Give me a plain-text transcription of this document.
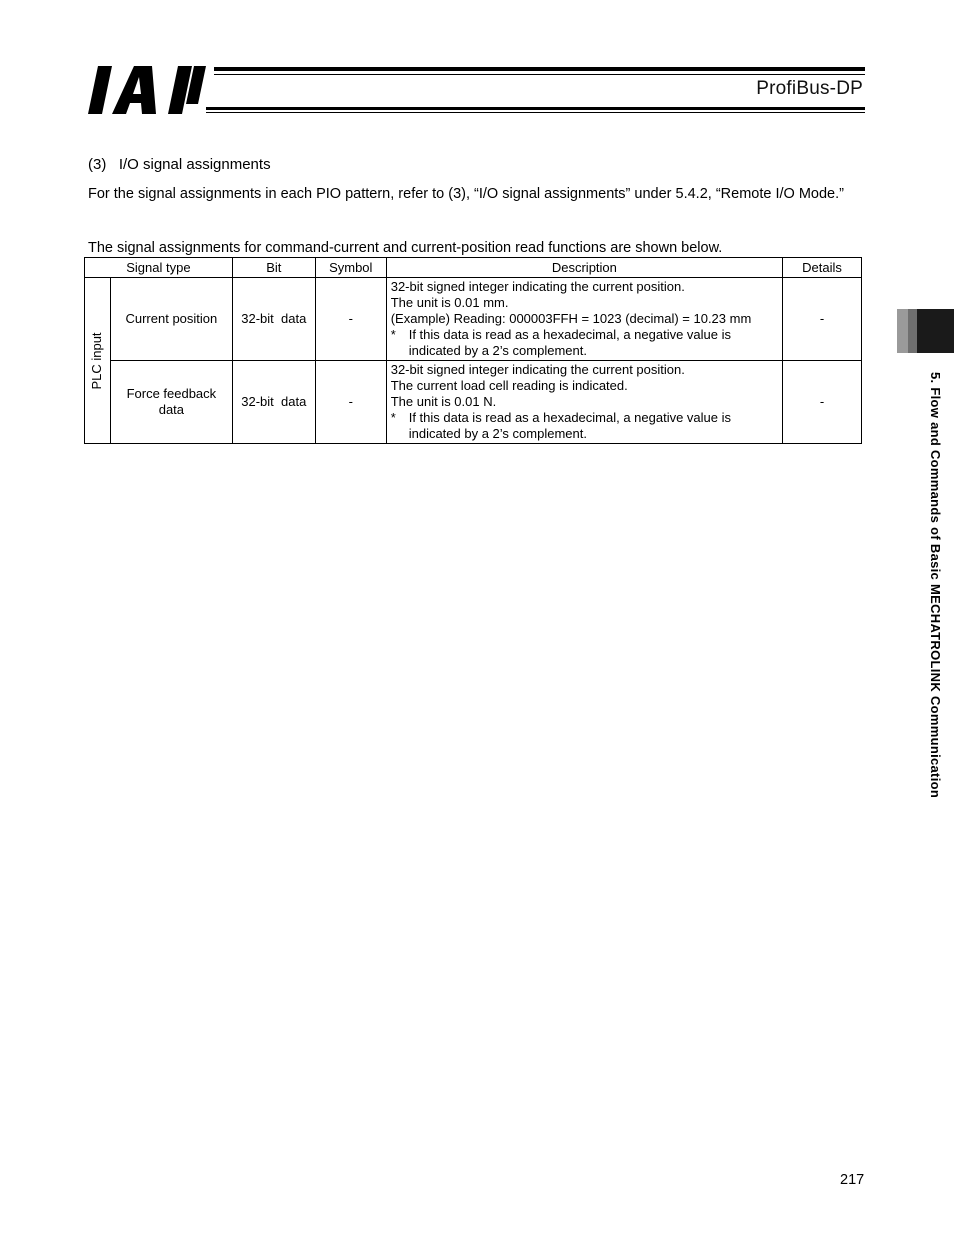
ProfiBus-DP
(3)   I/O signal assignments
For the signal assignments in each PIO pattern, refer to (3), “I/O signal assignments” under 5.4.2, “Remote I/O Mode.”
The signal assignments for command-current and current-position read functions are shown below.
Signal type		Bit	Symbol	Description	Details

PLC input	Current position	32-bit  data	-	32-bit signed integer indicating the current position.
The unit is 0.01 mm.
(Example) Reading: 000003FFH = 1023 (decimal) = 10.23 mm
* If this data is read as a hexadecimal, a negative value is indicated by a 2’s complement.	-
	Force feedback data	32-bit  data	-	32-bit signed integer indicating the current position.
The current load cell reading is indicated.
The unit is 0.01 N.
* If this data is read as a hexadecimal, a negative value is indicated by a 2’s complement.	-	5. Flow and Commands of Basic MECHATROLINK Communication
217
